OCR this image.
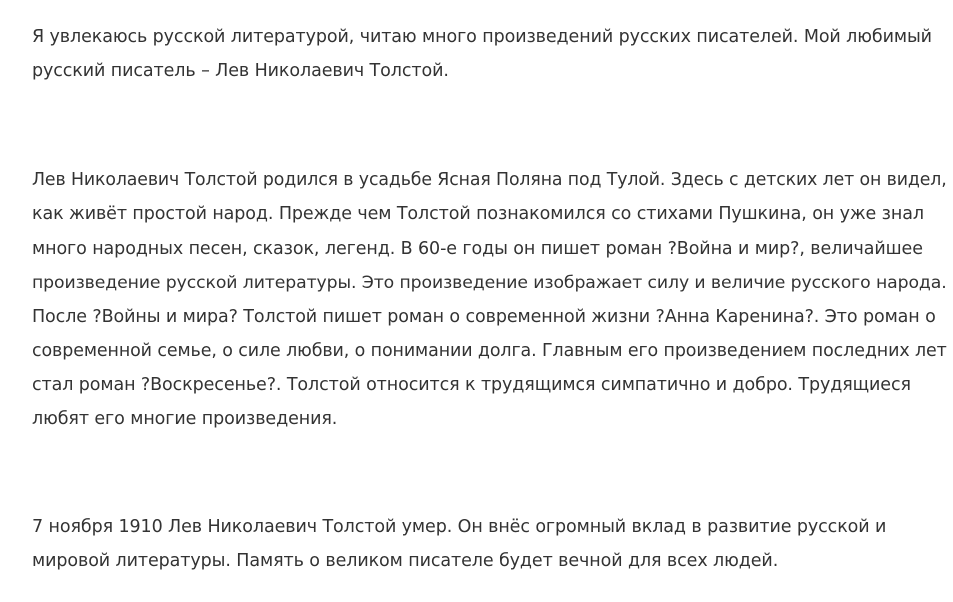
Я увлекаюсь русской литературой, читаю много произведений русских писателей. Мой любимый

русский писатель – Лев Николаевич Толстой.

Лев Николаевич Толстой родился в усадьбе Ясная Поляна под Тулой. Здесь с детских лет он видел,

как живёт простой народ. Прежде чем Толстой познакомился со стихами Пушкина, он уже знал

много народных песен, сказок, легенд. В 60-е годы он пишет роман ?Война и мир?, величайшее

произведение русской литературы. Это произведение изображает силу и величие русского народа.

После ?Войны и мира? Толстой пишет роман о современной жизни ?Анна Каренина?. Это роман о

современной семье, о силе любви, о понимании долга. Главным его произведением последних лет

стал роман ?Воскресенье?. Толстой относится к трудящимся симпатично и добро. Трудящиеся

любят его многие произведения.

7 ноября 1910 Лев Николаевич Толстой умер. Он внёс огромный вклад в развитие русской и

мировой литературы. Память о великом писателе будет вечной для всех людей.
